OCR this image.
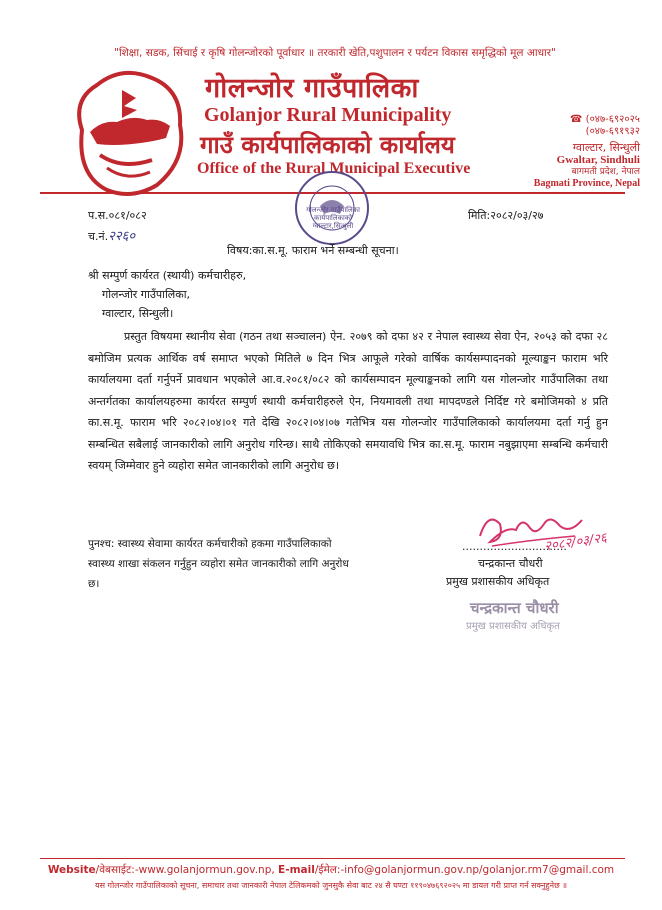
"शिक्षा, सडक, सिंचाई र कृषि गोलन्जोरको पूर्वाधार ॥ तरकारी खेति,पशुपालन र पर्यटन विकास समृद्धिको मूल आधार"
गोलन्जोर गाउँपालिका
Golanjor Rural Municipality
गाउँ कार्यपालिकाको कार्यालय
Office of the Rural Municipal Executive
☎ (०४७-६९२०२५
(०४७-६९१९३२
ग्वाल्टार, सिन्धुली
Gwaltar, Sindhuli
बागमती प्रदेश, नेपाल
Bagmati Province, Nepal
गोलन्जोर गाउँपालिका
कार्यपालिकाको
ग्वाल्टार,सिन्धुली
प.स.०८१/०८२
च.नं.२२६०
मिति:२०८२/०३/२७
विषय:का.स.मू. फाराम भर्ने सम्बन्धी सूचना।
श्री सम्पुर्ण कार्यरत (स्थायी) कर्मचारीहरु,
गोलन्जोर गाउँपालिका,
ग्वाल्टार, सिन्धुली।
प्रस्तुत विषयमा स्थानीय सेवा (गठन तथा सञ्चालन) ऐन. २०७९ को दफा ४२ र नेपाल स्वास्थ्य सेवा ऐन, २०५३ को दफा २८ बमोजिम प्रत्यक आर्थिक वर्ष समाप्त भएको मितिले ७ दिन भित्र आफूले गरेको वार्षिक कार्यसम्पादनको मूल्याङ्कन फाराम भरि कार्यालयमा दर्ता गर्नुपर्ने प्रावधान भएकोले आ.व.२०८१/०८२ को कार्यसम्पादन मूल्याङ्कनको लागि यस गोलन्जोर गाउँपालिका तथा अन्तर्गतका कार्यालयहरुमा कार्यरत सम्पुर्ण स्थायी कर्मचारीहरुले ऐन, नियमावली तथा मापदण्डले निर्दिष्ट गरे बमोजिमको ४ प्रति का.स.मू. फाराम भरि २०८२।०४।०१ गते देखि २०८२।०४।०७ गतेभित्र यस गोलन्जोर गाउँपालिकाको कार्यालयमा दर्ता गर्नु हुन सम्बन्धित सबैलाई जानकारीको लागि अनुरोध गरिन्छ। साथै तोकिएको समयावधि भित्र का.स.मू. फाराम नबुझाएमा सम्बन्धि कर्मचारी स्वयम् जिम्मेवार हुने व्यहोरा समेत जानकारीको लागि अनुरोध छ।
पुनश्च: स्वास्थ्य सेवामा कार्यरत कर्मचारीको हकमा गाउँपालिकाको स्वास्थ्य शाखा संकलन गर्नुहुन व्यहोरा समेत जानकारीको लागि अनुरोध छ।
२०८२/०३/२६
..............................
चन्द्रकान्त चौधरी
प्रमुख प्रशासकीय अधिकृत
चन्द्रकान्त चौधरी
प्रमुख प्रशासकीय अधिकृत
Website/वेबसाईट:-www.golanjormun.gov.np, E-mail/ईमेल:-info@golanjormun.gov.np/golanjor.rm7@gmail.com
यस गोलन्जोर गाउँपालिकाको सूचना, समाचार तथा जानकारी नेपाल टेलिकमको जुनसुकै सेवा बाट २४ सै घण्टा ११९०४७६९२०२५ मा डायल गरी प्राप्त गर्न सक्नुहुनेछ ॥
